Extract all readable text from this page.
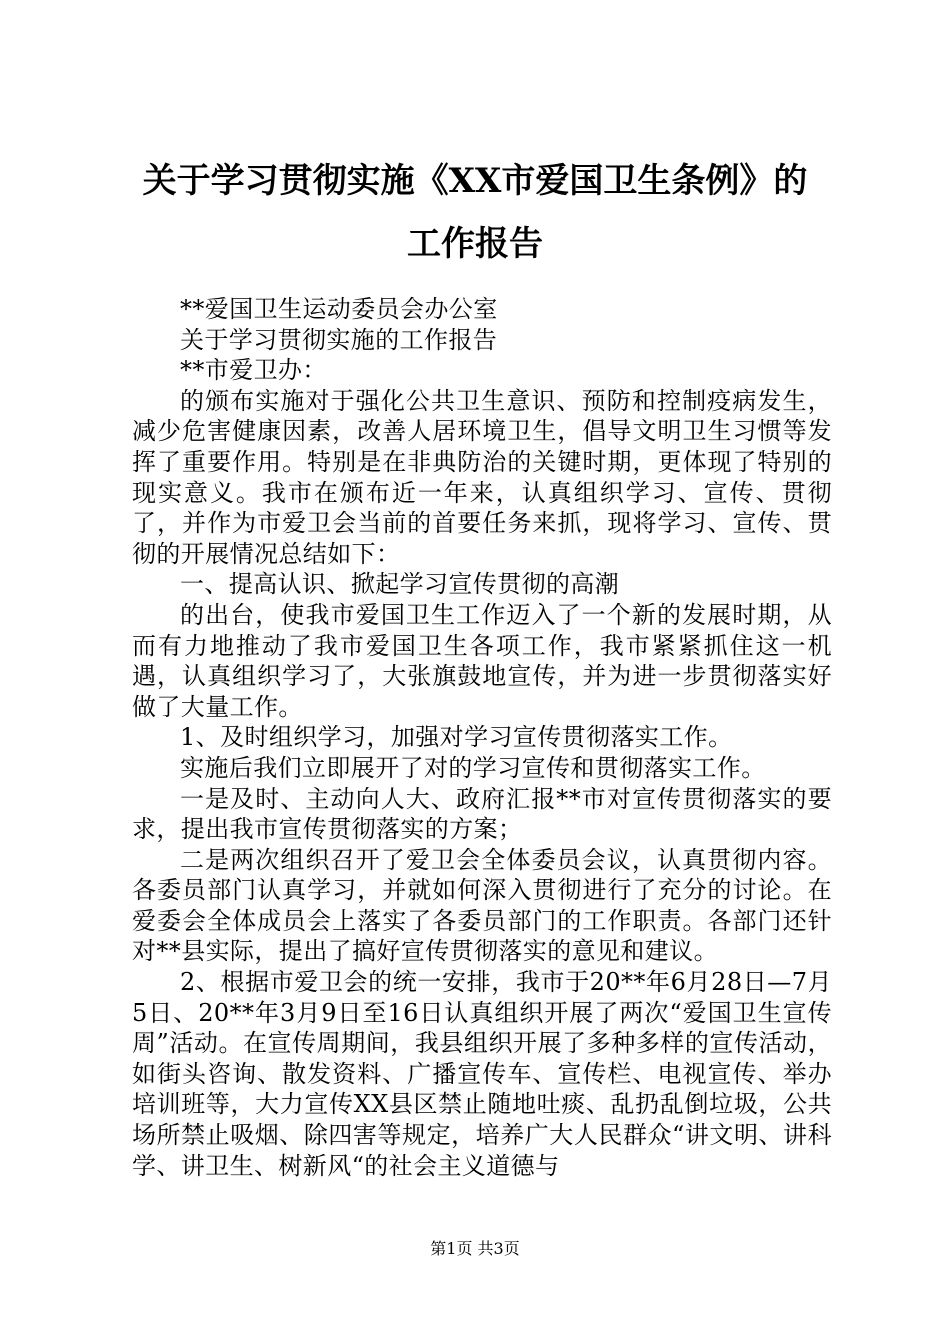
关于学习贯彻实施《XX市爱国卫生条例》的
工作报告

**爱国卫生运动委员会办公室

关于学习贯彻实施的工作报告

**市爱卫办：

的颁布实施对于强化公共卫生意识、预防和控制疫病发生，减少危害健康因素，改善人居环境卫生，倡导文明卫生习惯等发挥了重要作用。特别是在非典防治的关键时期，更体现了特别的现实意义。我市在颁布近一年来，认真组织学习、宣传、贯彻了，并作为市爱卫会当前的首要任务来抓，现将学习、宣传、贯彻的开展情况总结如下：

一、提高认识、掀起学习宣传贯彻的高潮

的出台，使我市爱国卫生工作迈入了一个新的发展时期，从而有力地推动了我市爱国卫生各项工作，我市紧紧抓住这一机遇，认真组织学习了，大张旗鼓地宣传，并为进一步贯彻落实好做了大量工作。

1、及时组织学习，加强对学习宣传贯彻落实工作。

实施后我们立即展开了对的学习宣传和贯彻落实工作。

一是及时、主动向人大、政府汇报**市对宣传贯彻落实的要求，提出我市宣传贯彻落实的方案；

二是两次组织召开了爱卫会全体委员会议，认真贯彻内容。各委员部门认真学习，并就如何深入贯彻进行了充分的讨论。在爱委会全体成员会上落实了各委员部门的工作职责。各部门还针对**县实际，提出了搞好宣传贯彻落实的意见和建议。

2、根据市爱卫会的统一安排，我市于20**年6月28日—7月5日、20**年3月9日至16日认真组织开展了两次“爱国卫生宣传周”活动。在宣传周期间，我县组织开展了多种多样的宣传活动，如街头咨询、散发资料、广播宣传车、宣传栏、电视宣传、举办培训班等，大力宣传XX县区禁止随地吐痰、乱扔乱倒垃圾，公共场所禁止吸烟、除四害等规定，培养广大人民群众“讲文明、讲科学、讲卫生、树新风“的社会主义道德与

第1页 共3页
